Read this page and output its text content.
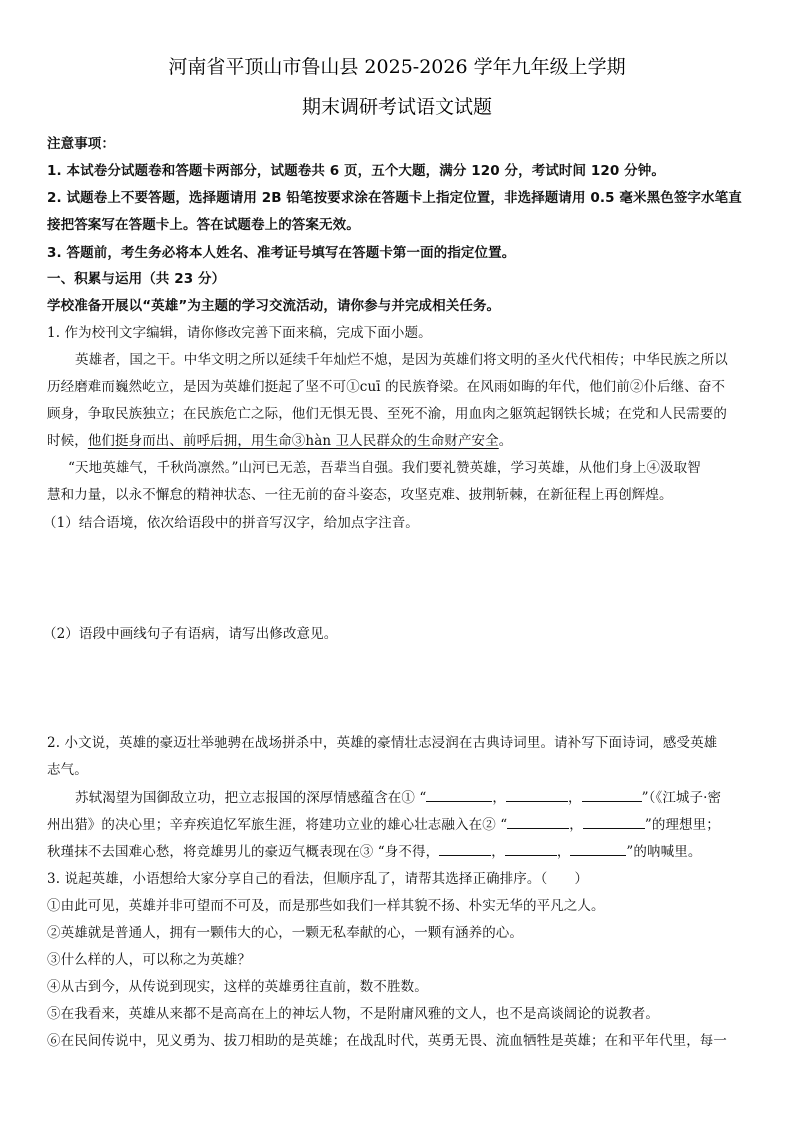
河南省平顶山市鲁山县 2025-2026 学年九年级上学期
期末调研考试语文试题
注意事项：
1. 本试卷分试题卷和答题卡两部分，试题卷共 6 页，五个大题，满分 120 分，考试时间 120 分钟。
2. 试题卷上不要答题，选择题请用 2B 铅笔按要求涂在答题卡上指定位置，非选择题请用 0.5 毫米黑色签字水笔直
接把答案写在答题卡上。答在试题卷上的答案无效。
3. 答题前，考生务必将本人姓名、准考证号填写在答题卡第一面的指定位置。
一、积累与运用（共 23 分）
学校准备开展以“英雄”为主题的学习交流活动，请你参与并完成相关任务。
1. 作为校刊文字编辑，请你修改完善下面来稿，完成下面小题。
英雄者，国之干。中华文明之所以延续千年灿烂不熄，是因为英雄们将文明的圣火代代相传；中华民族之所以
历经磨难而巍然屹立，是因为英雄们挺起了坚不可①cuī 的民族脊梁。在风雨如晦的年代，他们前②仆后继、奋不
顾身，争取民族独立；在民族危亡之际，他们无惧无畏、至死不渝，用血肉之躯筑起钢铁长城；在党和人民需要的
时候，他们挺身而出、前呼后拥，用生命③hàn 卫人民群众的生命财产安全。
“天地英雄气，千秋尚凛然。”山河已无恙，吾辈当自强。我们要礼赞英雄，学习英雄，从他们身上④汲取智
慧和力量，以永不懈怠的精神状态、一往无前的奋斗姿态，攻坚克难、披荆斩棘，在新征程上再创辉煌。
（1）结合语境，依次给语段中的拼音写汉字，给加点字注音。
（2）语段中画线句子有语病，请写出修改意见。
2. 小文说，英雄的豪迈壮举驰骋在战场拼杀中，英雄的豪情壮志浸润在古典诗词里。请补写下面诗词，感受英雄
志气。
苏轼渴望为国御敌立功，把立志报国的深厚情感蕴含在① “	，	，	”（《江城子·密
州出猎》的决心里；辛弃疾追忆军旅生涯，将建功立业的雄心壮志融入在② “	，	”的理想里；
秋瑾抹不去国难心愁，将竞雄男儿的豪迈气概表现在③ “身不得，	，	，	”的呐喊里。
3. 说起英雄，小语想给大家分享自己的看法，但顺序乱了，请帮其选择正确排序。（　　）
①由此可见，英雄并非可望而不可及，而是那些如我们一样其貌不扬、朴实无华的平凡之人。
②英雄就是普通人，拥有一颗伟大的心，一颗无私奉献的心，一颗有涵养的心。
③什么样的人，可以称之为英雄？
④从古到今，从传说到现实，这样的英雄勇往直前，数不胜数。
⑤在我看来，英雄从来都不是高高在上的神坛人物，不是附庸风雅的文人，也不是高谈阔论的说教者。
⑥在民间传说中，见义勇为、拔刀相助的是英雄；在战乱时代，英勇无畏、流血牺牲是英雄；在和平年代里，每一
